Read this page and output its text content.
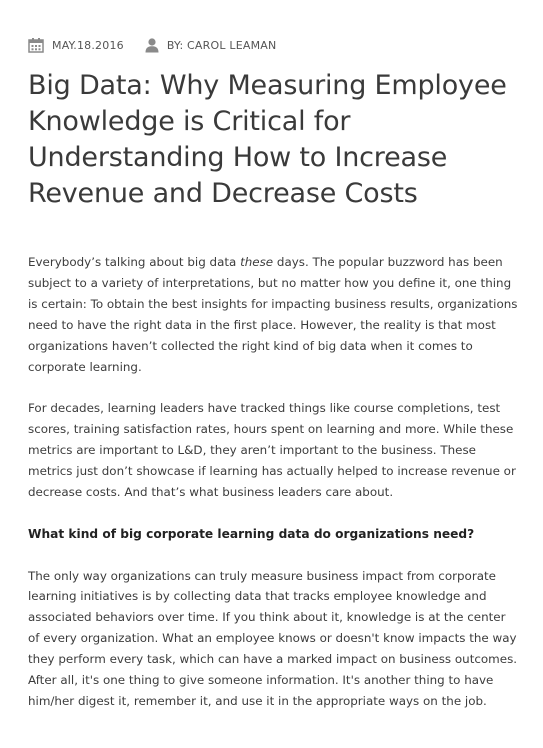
MAY.18.2016	BY: CAROL LEAMAN
Big Data: Why Measuring Employee Knowledge is Critical for Understanding How to Increase Revenue and Decrease Costs

Everybody’s talking about big data these days. The popular buzzword has been subject to a variety of interpretations, but no matter how you define it, one thing is certain: To obtain the best insights for impacting business results, organizations need to have the right data in the first place. However, the reality is that most organizations haven’t collected the right kind of big data when it comes to corporate learning.

For decades, learning leaders have tracked things like course completions, test scores, training satisfaction rates, hours spent on learning and more. While these metrics are important to L&D, they aren’t important to the business. These metrics just don’t showcase if learning has actually helped to increase revenue or decrease costs. And that’s what business leaders care about.

What kind of big corporate learning data do organizations need?

The only way organizations can truly measure business impact from corporate learning initiatives is by collecting data that tracks employee knowledge and associated behaviors over time. If you think about it, knowledge is at the center of every organization. What an employee knows or doesn't know impacts the way they perform every task, which can have a marked impact on business outcomes. After all, it's one thing to give someone information. It's another thing to have him/her digest it, remember it, and use it in the appropriate ways on the job.
